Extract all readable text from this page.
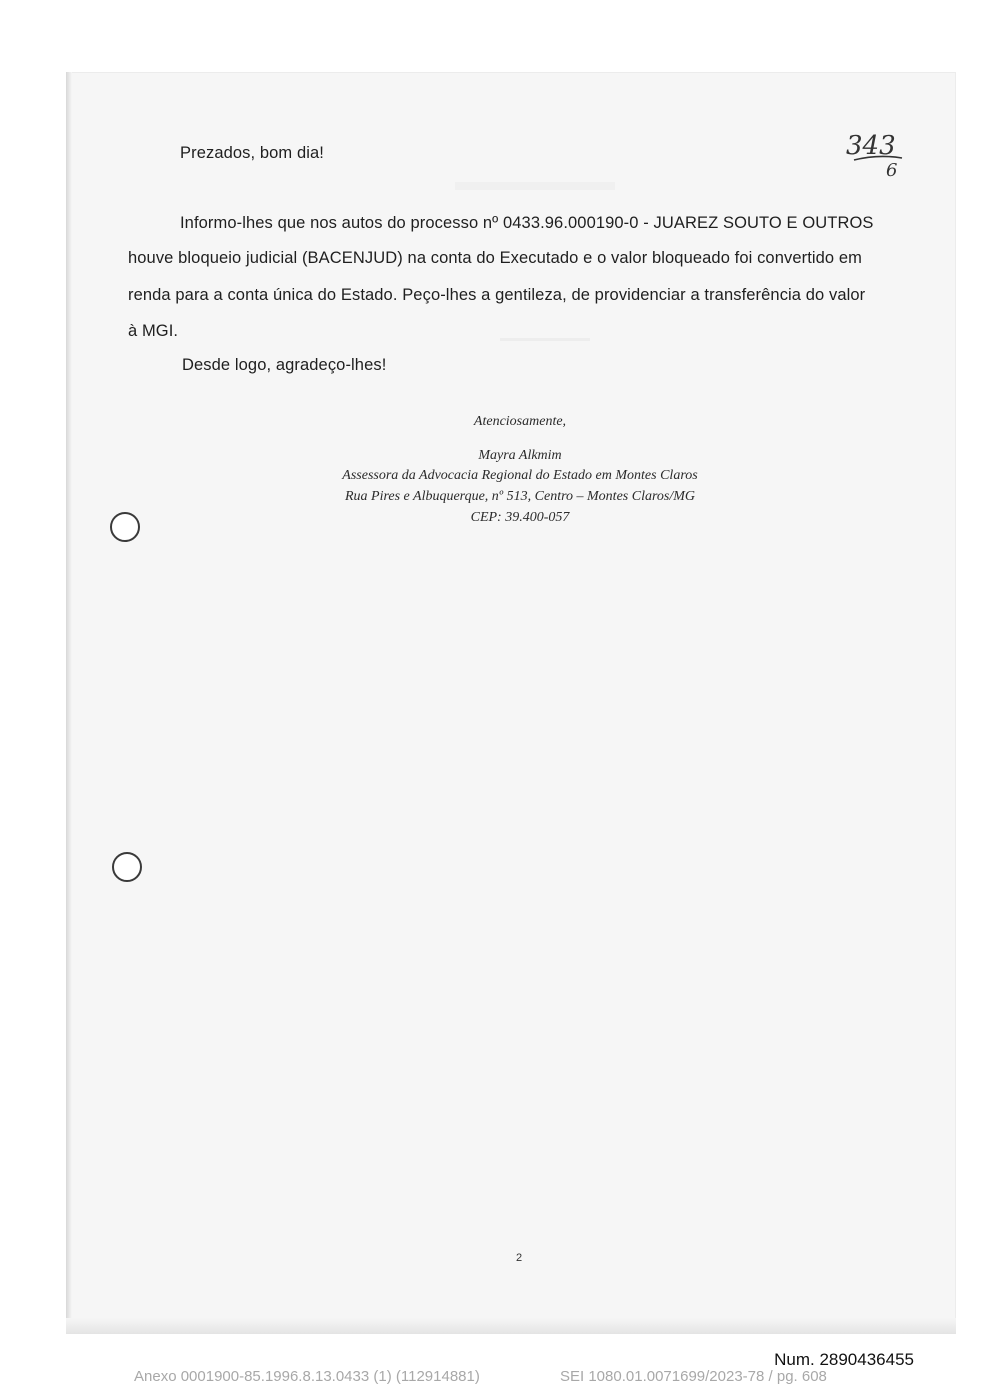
343
6
Prezados, bom dia!
Informo-lhes que nos autos do processo nº 0433.96.000190-0 - JUAREZ SOUTO E OUTROS
houve bloqueio judicial (BACENJUD) na conta do Executado e o valor bloqueado foi convertido em
renda para a conta única do Estado. Peço-lhes a gentileza, de providenciar a transferência do valor
à MGI.
Desde logo, agradeço-lhes!
Atenciosamente,
Mayra Alkmim
Assessora da Advocacia Regional do Estado em Montes Claros
Rua Pires e Albuquerque, nº 513, Centro – Montes Claros/MG
CEP: 39.400-057
2
Num. 2890436455
Anexo 0001900-85.1996.8.13.0433 (1) (112914881)	SEI 1080.01.0071699/2023-78 / pg. 608
